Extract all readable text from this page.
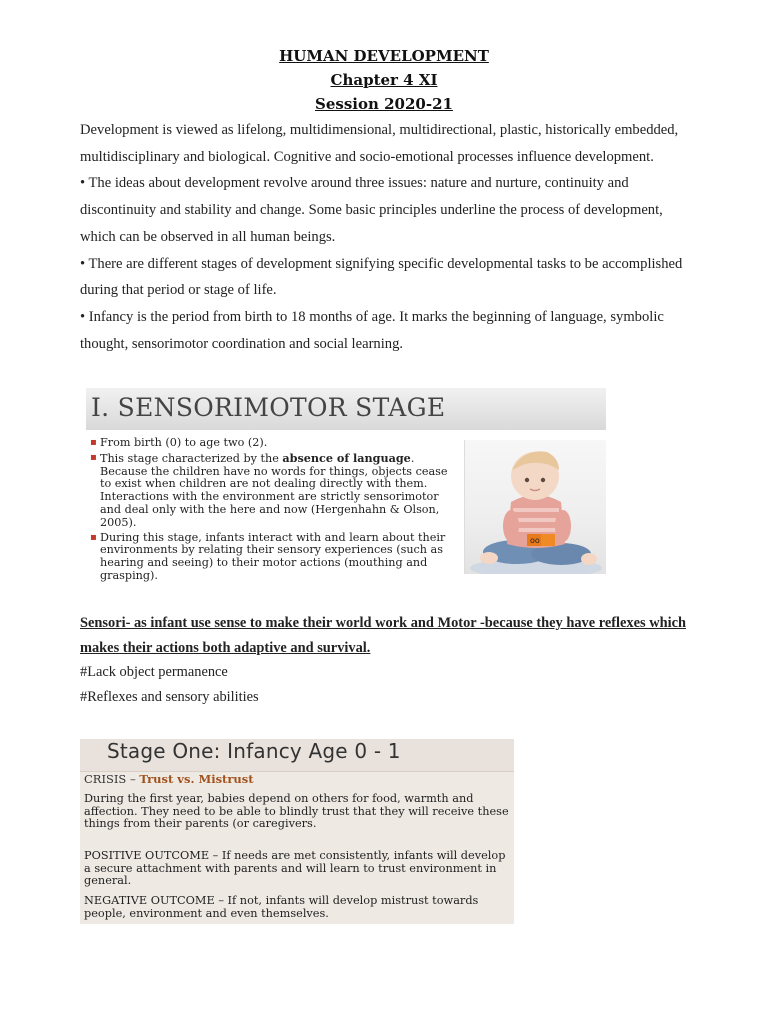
HUMAN DEVELOPMENT
Chapter 4 XI
Session 2020-21

Development is viewed as lifelong, multidimensional, multidirectional, plastic, historically embedded, multidisciplinary and biological. Cognitive and socio-emotional processes influence development.

• The ideas about development revolve around three issues: nature and nurture, continuity and discontinuity and stability and change. Some basic principles underline the process of development, which can be observed in all human beings.

• There are different stages of development signifying specific developmental tasks to be accomplished during that period or stage of life.

• Infancy is the period from birth to 18 months of age. It marks the beginning of language, symbolic thought, sensorimotor coordination and social learning.

I. SENSORIMOTOR STAGE
▪ From birth (0) to age two (2).
▪ This stage characterized by the absence of language. Because the children have no words for things, objects cease to exist when children are not dealing directly with them. Interactions with the environment are strictly sensorimotor and deal only with the here and now (Hergenhahn & Olson, 2005).
▪ During this stage, infants interact with and learn about their environments by relating their sensory experiences (such as hearing and seeing) to their motor actions (mouthing and grasping).
oo
Sensori- as infant use sense to make their world work and Motor -because they have reflexes which
makes their actions both adaptive and survival.
#Lack object permanence
#Reflexes and sensory abilities
Stage One: Infancy Age 0 - 1
CRISIS – Trust vs. Mistrust
During the first year, babies depend on others for food, warmth and affection. They need to be able to blindly trust that they will receive these things from their parents (or caregivers.
POSITIVE OUTCOME – If needs are met consistently, infants will develop a secure attachment with parents and will learn to trust environment in general.
NEGATIVE OUTCOME – If not, infants will develop mistrust towards people, environment and even themselves.
